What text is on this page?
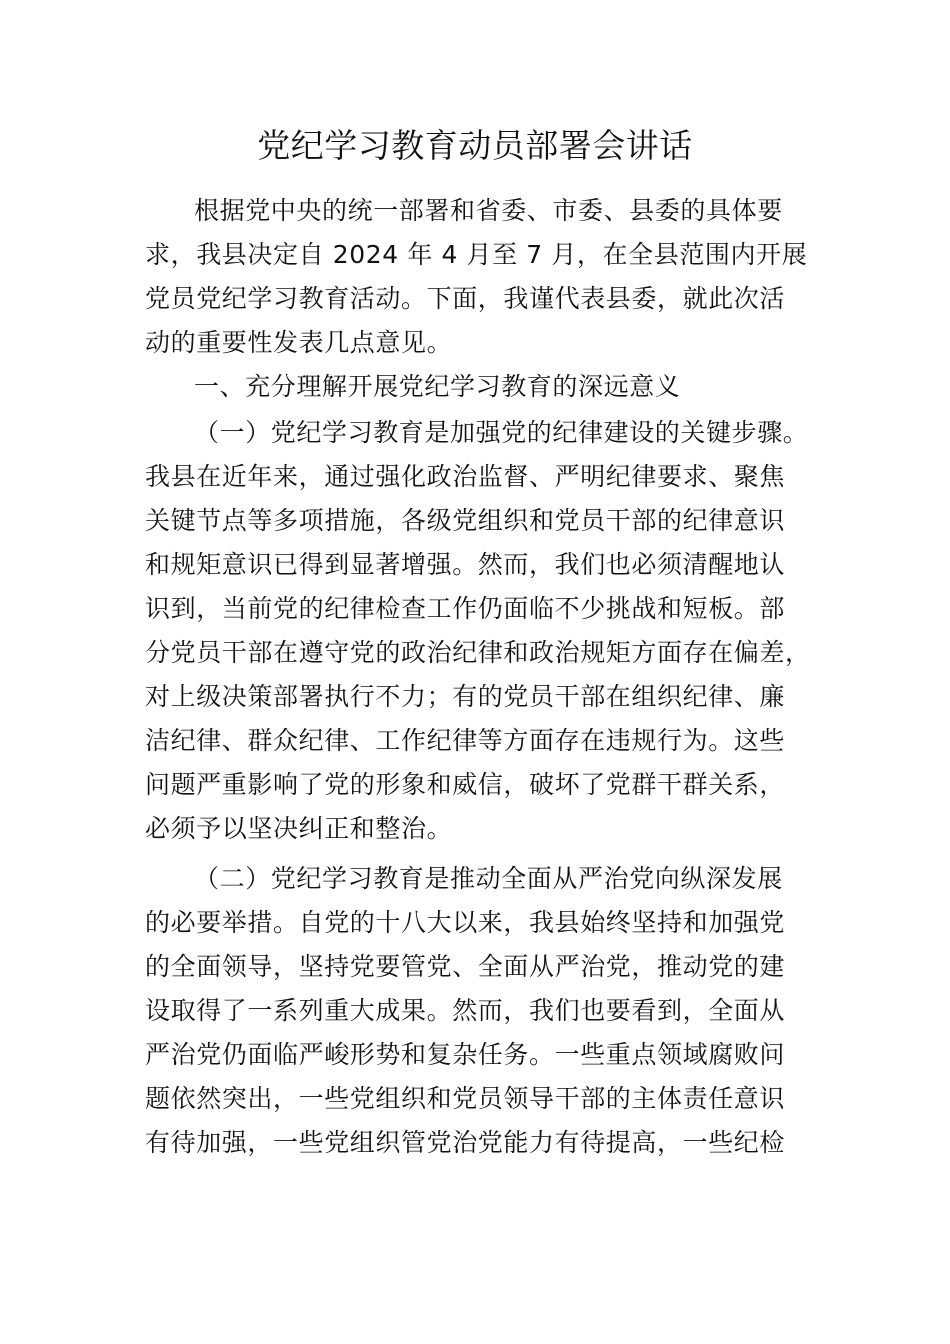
党纪学习教育动员部署会讲话
根据党中央的统一部署和省委、市委、县委的具体要
求，我县决定自 2024 年 4 月至 7 月，在全县范围内开展
党员党纪学习教育活动。下面，我谨代表县委，就此次活
动的重要性发表几点意见。
一、充分理解开展党纪学习教育的深远意义
（一）党纪学习教育是加强党的纪律建设的关键步骤。
我县在近年来，通过强化政治监督、严明纪律要求、聚焦
关键节点等多项措施，各级党组织和党员干部的纪律意识
和规矩意识已得到显著增强。然而，我们也必须清醒地认
识到，当前党的纪律检查工作仍面临不少挑战和短板。部
分党员干部在遵守党的政治纪律和政治规矩方面存在偏差，
对上级决策部署执行不力；有的党员干部在组织纪律、廉
洁纪律、群众纪律、工作纪律等方面存在违规行为。这些
问题严重影响了党的形象和威信，破坏了党群干群关系，
必须予以坚决纠正和整治。
（二）党纪学习教育是推动全面从严治党向纵深发展
的必要举措。自党的十八大以来，我县始终坚持和加强党
的全面领导，坚持党要管党、全面从严治党，推动党的建
设取得了一系列重大成果。然而，我们也要看到，全面从
严治党仍面临严峻形势和复杂任务。一些重点领域腐败问
题依然突出，一些党组织和党员领导干部的主体责任意识
有待加强，一些党组织管党治党能力有待提高，一些纪检
